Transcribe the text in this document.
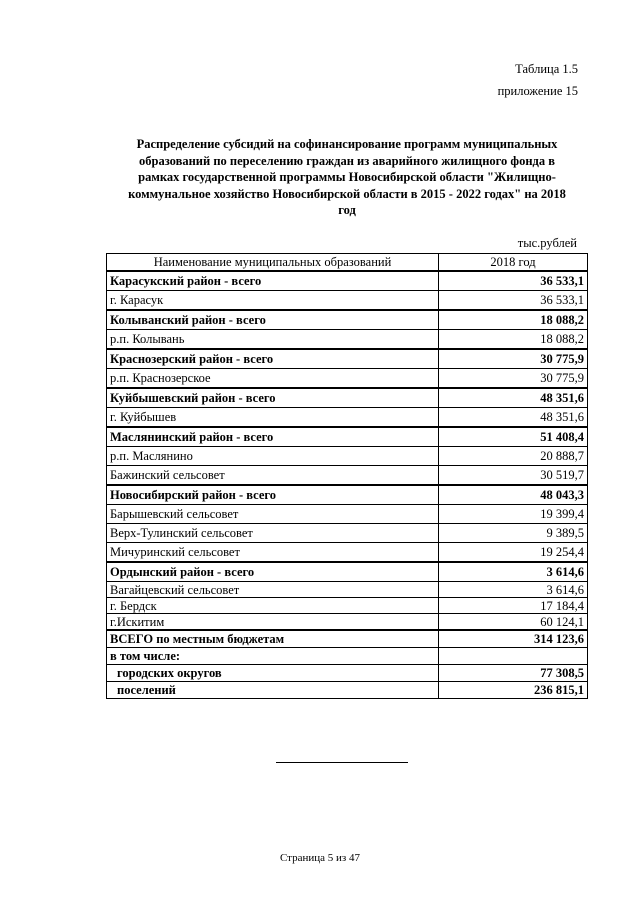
Таблица 1.5
приложение 15
Распределение субсидий на софинансирование программ муниципальных
образований по переселению граждан из аварийного жилищного фонда в
рамках государственной программы Новосибирской области "Жилищно-
коммунальное хозяйство Новосибирской области в 2015 - 2022 годах" на 2018
год
тыс.рублей
Наименование муниципальных образований	2018 год
Карасукский район - всего	36 533,1
г. Карасук	36 533,1
Колыванский район - всего	18 088,2
р.п. Колывань	18 088,2
Краснозерский район - всего	30 775,9
р.п. Краснозерское	30 775,9
Куйбышевский район - всего	48 351,6
г. Куйбышев	48 351,6
Маслянинский район - всего	51 408,4
р.п. Маслянино	20 888,7
Бажинский сельсовет	30 519,7
Новосибирский район - всего	48 043,3
Барышевский сельсовет	19 399,4
Верх-Тулинский сельсовет	9 389,5
Мичуринский сельсовет	19 254,4
Ордынский район - всего	3 614,6
Вагайцевский сельсовет	3 614,6
г. Бердск	17 184,4
г.Искитим	60 124,1
ВСЕГО по местным бюджетам	314 123,6
в том числе:	
городских округов	77 308,5
поселений	236 815,1
Страница 5 из 47
